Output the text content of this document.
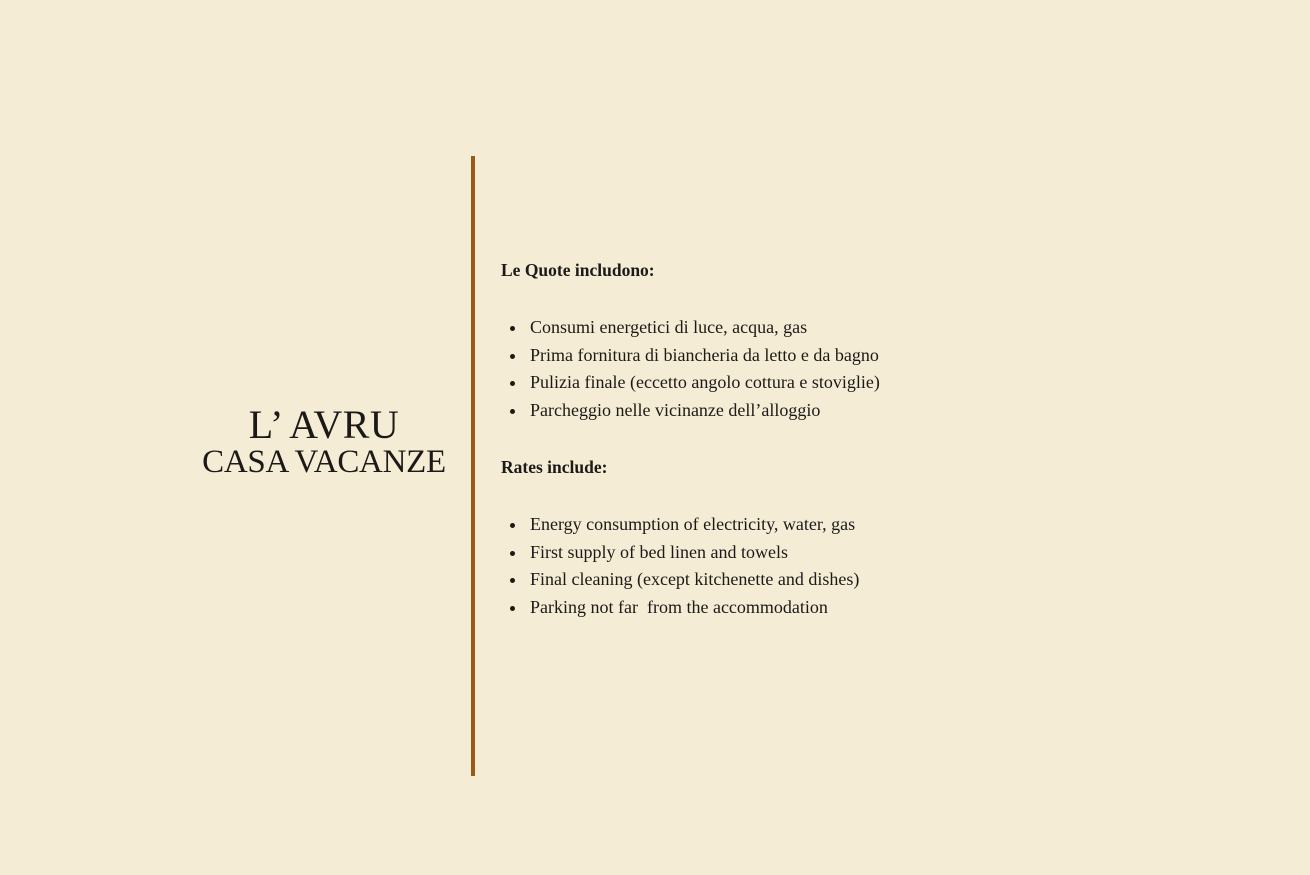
L’ AVRU
CASA VACANZE
Le Quote includono:
Consumi energetici di luce, acqua, gas
Prima fornitura di biancheria da letto e da bagno
Pulizia finale (eccetto angolo cottura e stoviglie)
Parcheggio nelle vicinanze dell’alloggio
Rates include:
Energy consumption of electricity, water, gas
First supply of bed linen and towels
Final cleaning (except kitchenette and dishes)
Parking not far  from the accommodation
